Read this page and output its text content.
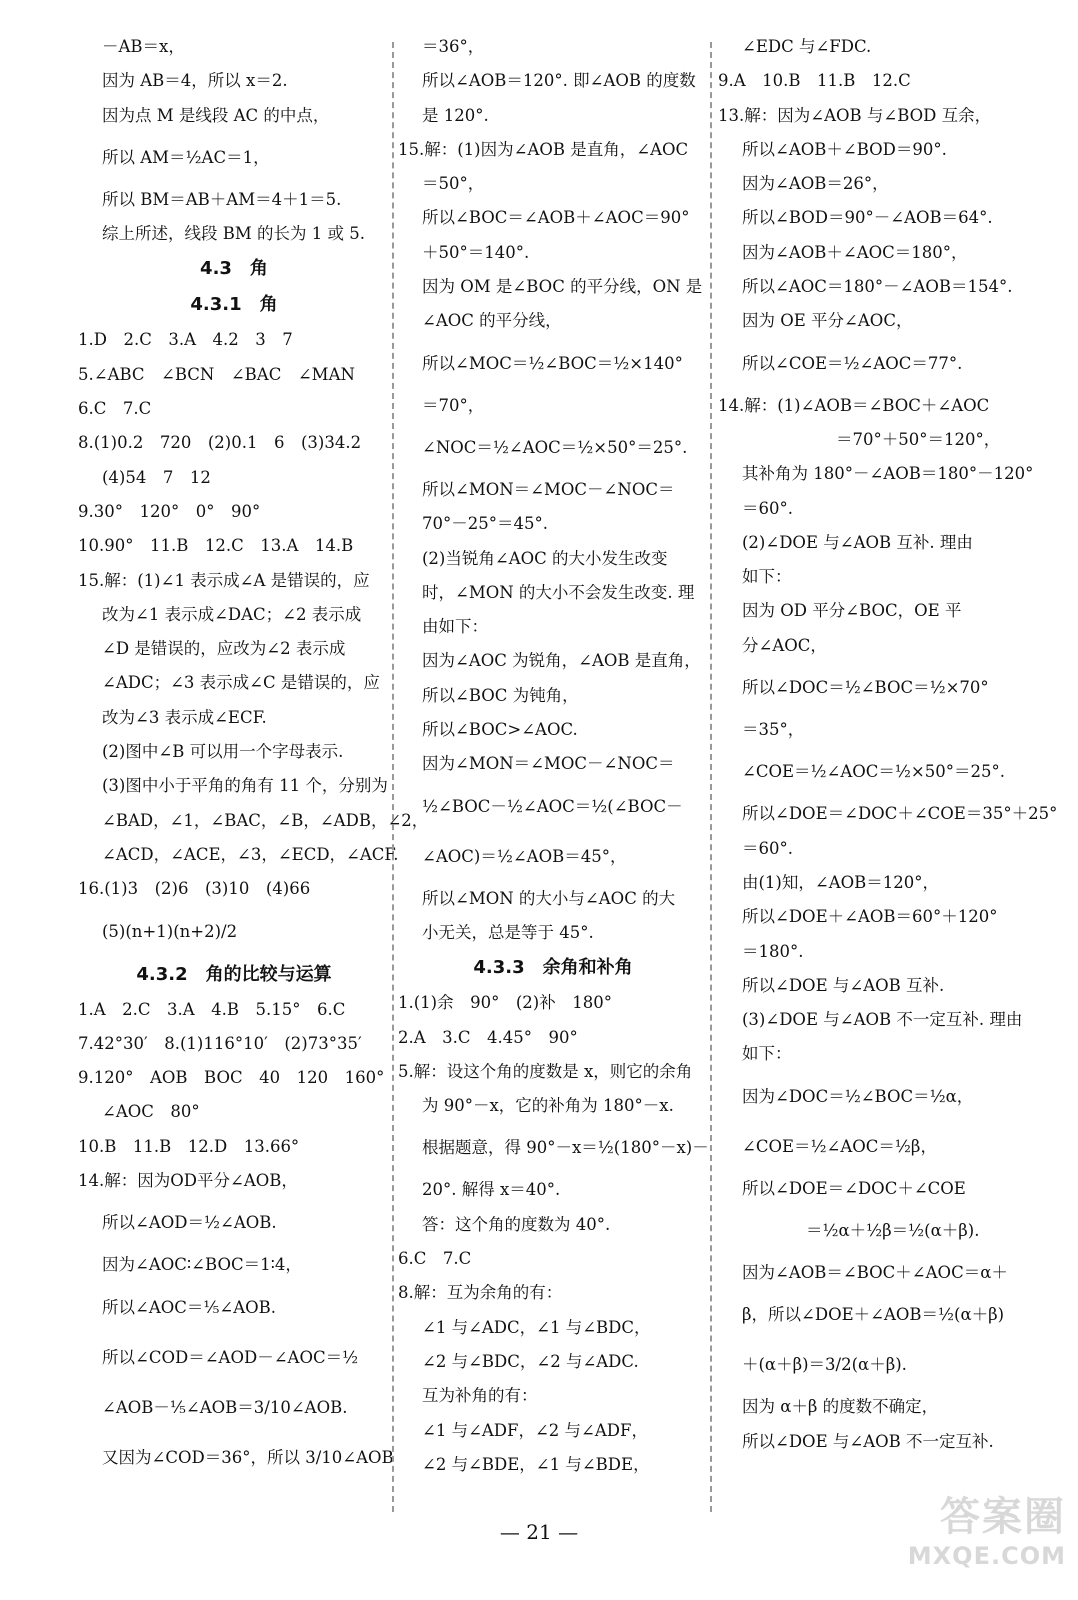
－AB＝x，
因为 AB＝4，所以 x＝2.
因为点 M 是线段 AC 的中点，
所以 AM＝½AC＝1，
所以 BM＝AB＋AM＝4＋1＝5.
综上所述，线段 BM 的长为 1 或 5.
4.3　角
4.3.1　角
1.D　2.C　3.A　4.2　3　7
5.∠ABC　∠BCN　∠BAC　∠MAN
6.C　7.C
8.(1)0.2　720　(2)0.1　6　(3)34.2
(4)54　7　12
9.30°　120°　0°　90°
10.90°　11.B　12.C　13.A　14.B
15.解：(1)∠1 表示成∠A 是错误的，应
改为∠1 表示成∠DAC；∠2 表示成
∠D 是错误的，应改为∠2 表示成
∠ADC；∠3 表示成∠C 是错误的，应
改为∠3 表示成∠ECF.
(2)图中∠B 可以用一个字母表示.
(3)图中小于平角的角有 11 个，分别为
∠BAD，∠1，∠BAC，∠B，∠ADB，∠2，
∠ACD，∠ACE，∠3，∠ECD，∠ACF.
16.(1)3　(2)6　(3)10　(4)66
(5)(n+1)(n+2)/2
4.3.2　角的比较与运算
1.A　2.C　3.A　4.B　5.15°　6.C
7.42°30′　8.(1)116°10′　(2)73°35′
9.120°　AOB　BOC　40　120　160°
∠AOC　80°
10.B　11.B　12.D　13.66°
14.解：因为OD平分∠AOB，
所以∠AOD＝½∠AOB.
因为∠AOC∶∠BOC＝1∶4，
所以∠AOC＝⅕∠AOB.
所以∠COD＝∠AOD－∠AOC＝½
∠AOB－⅕∠AOB＝3/10∠AOB.
又因为∠COD＝36°，所以 3/10∠AOB
＝36°，
所以∠AOB＝120°. 即∠AOB 的度数
是 120°.
15.解：(1)因为∠AOB 是直角，∠AOC
＝50°，
所以∠BOC＝∠AOB＋∠AOC＝90°
＋50°＝140°.
因为 OM 是∠BOC 的平分线，ON 是
∠AOC 的平分线，
所以∠MOC＝½∠BOC＝½×140°
＝70°，
∠NOC＝½∠AOC＝½×50°＝25°.
所以∠MON＝∠MOC－∠NOC＝
70°－25°＝45°.
(2)当锐角∠AOC 的大小发生改变
时，∠MON 的大小不会发生改变. 理
由如下：
因为∠AOC 为锐角，∠AOB 是直角，
所以∠BOC 为钝角，
所以∠BOC>∠AOC.
因为∠MON＝∠MOC－∠NOC＝
½∠BOC－½∠AOC＝½(∠BOC－
∠AOC)＝½∠AOB＝45°，
所以∠MON 的大小与∠AOC 的大
小无关，总是等于 45°.
4.3.3　余角和补角
1.(1)余　90°　(2)补　180°
2.A　3.C　4.45°　90°
5.解：设这个角的度数是 x，则它的余角
为 90°－x，它的补角为 180°－x.
根据题意，得 90°－x＝½(180°－x)－
20°. 解得 x＝40°.
答：这个角的度数为 40°.
6.C　7.C
8.解：互为余角的有：
∠1 与∠ADC，∠1 与∠BDC，
∠2 与∠BDC，∠2 与∠ADC.
互为补角的有：
∠1 与∠ADF，∠2 与∠ADF，
∠2 与∠BDE，∠1 与∠BDE，
∠EDC 与∠FDC.
9.A　10.B　11.B　12.C
13.解：因为∠AOB 与∠BOD 互余，
所以∠AOB＋∠BOD＝90°.
因为∠AOB＝26°，
所以∠BOD＝90°－∠AOB＝64°.
因为∠AOB＋∠AOC＝180°，
所以∠AOC＝180°－∠AOB＝154°.
因为 OE 平分∠AOC，
所以∠COE＝½∠AOC＝77°.
14.解：(1)∠AOB＝∠BOC＋∠AOC
＝70°＋50°＝120°，
其补角为 180°－∠AOB＝180°－120°
＝60°.
(2)∠DOE 与∠AOB 互补. 理由
如下：
因为 OD 平分∠BOC，OE 平
分∠AOC，
所以∠DOC＝½∠BOC＝½×70°
＝35°，
∠COE＝½∠AOC＝½×50°＝25°.
所以∠DOE＝∠DOC＋∠COE＝35°＋25°
＝60°.
由(1)知，∠AOB＝120°，
所以∠DOE＋∠AOB＝60°＋120°
＝180°.
所以∠DOE 与∠AOB 互补.
(3)∠DOE 与∠AOB 不一定互补. 理由
如下：
因为∠DOC＝½∠BOC＝½α，
∠COE＝½∠AOC＝½β，
所以∠DOE＝∠DOC＋∠COE
＝½α＋½β＝½(α＋β).
因为∠AOB＝∠BOC＋∠AOC＝α＋
β，所以∠DOE＋∠AOB＝½(α＋β)
＋(α＋β)＝3/2(α＋β).
因为 α＋β 的度数不确定，
所以∠DOE 与∠AOB 不一定互补.
— 21 —	答案圈
MXQE.COM
